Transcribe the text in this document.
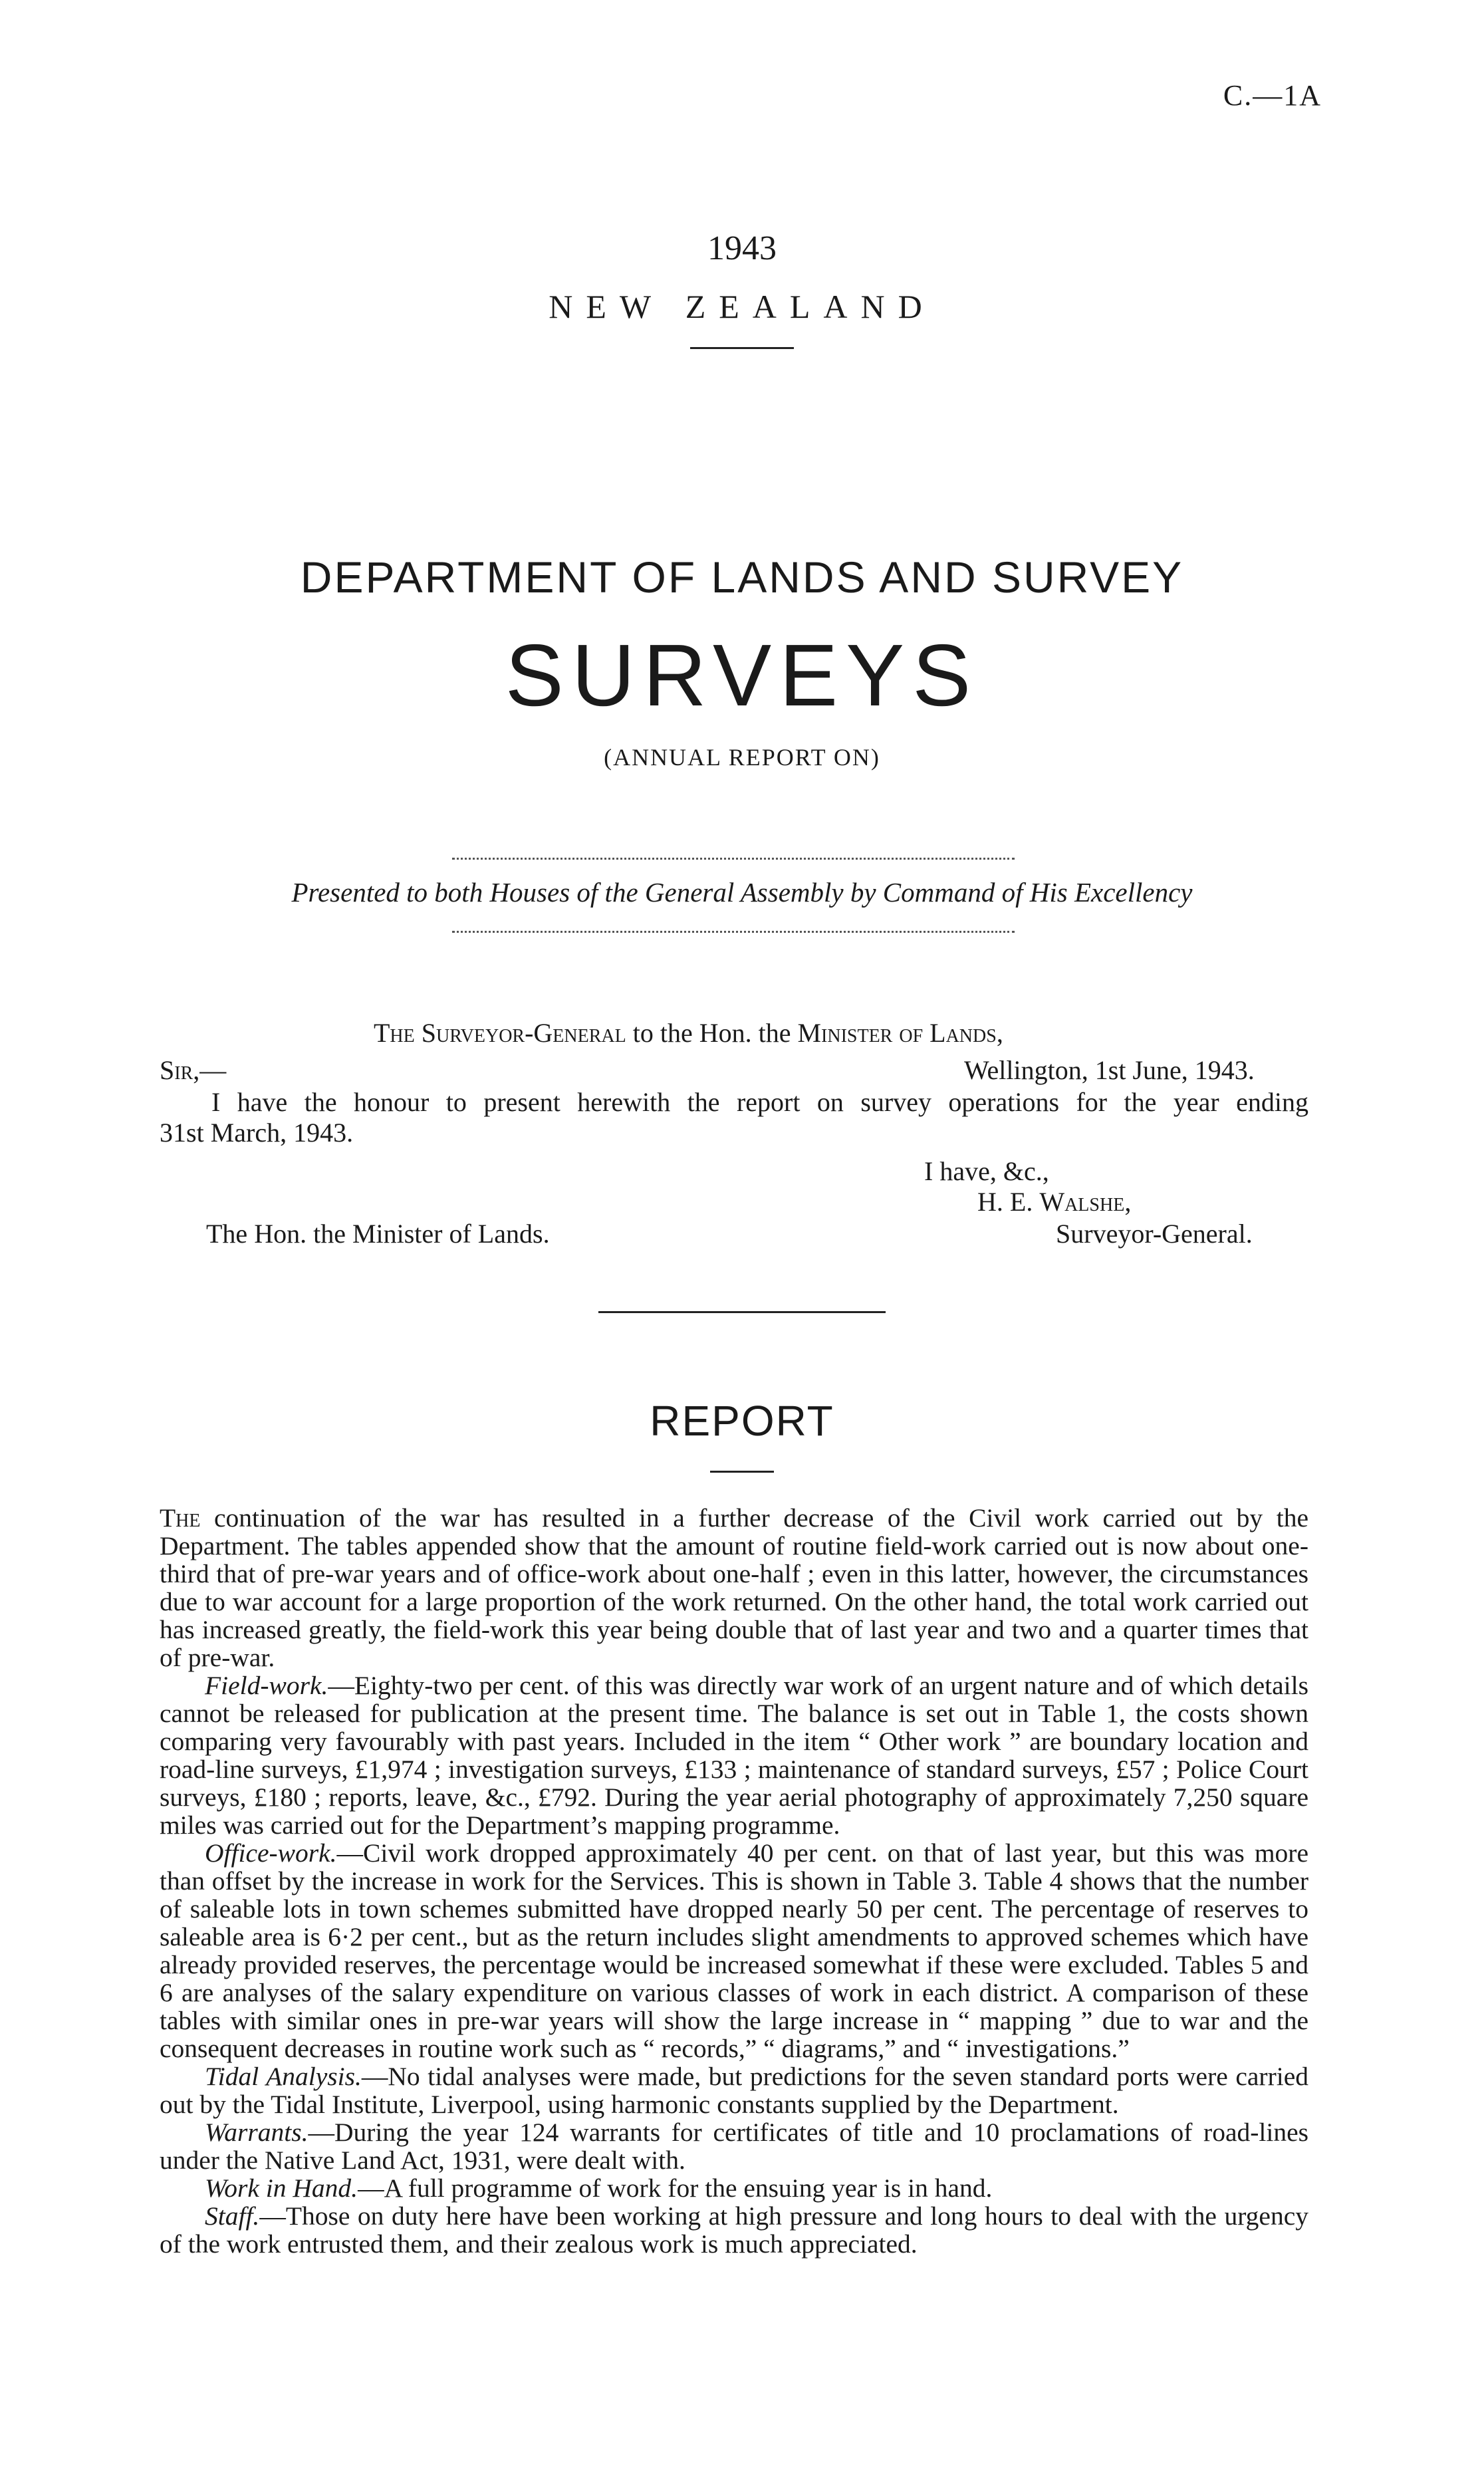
C.—1A
1943
NEW ZEALAND
DEPARTMENT OF LANDS AND SURVEY
SURVEYS
(ANNUAL REPORT ON)
Presented to both Houses of the General Assembly by Command of His Excellency
The Surveyor-General to the Hon. the Minister of Lands,
Sir,—	Wellington, 1st June, 1943.
I have the honour to present herewith the report on survey operations for the year ending
31st March, 1943.
I have, &c.,
H. E. Walshe,
The Hon. the Minister of Lands.	Surveyor-General.
REPORT

The continuation of the war has resulted in a further decrease of the Civil work carried out by the Department. The tables appended show that the amount of routine field-work carried out is now about one-third that of pre-war years and of office-work about one-half ; even in this latter, however, the circumstances due to war account for a large proportion of the work returned. On the other hand, the total work carried out has increased greatly, the field-work this year being double that of last year and two and a quarter times that of pre-war.

Field-work.—Eighty-two per cent. of this was directly war work of an urgent nature and of which details cannot be released for publication at the present time. The balance is set out in Table 1, the costs shown comparing very favourably with past years. Included in the item “ Other work ” are boundary location and road-line surveys, £1,974 ; investigation surveys, £133 ; maintenance of standard surveys, £57 ; Police Court surveys, £180 ; reports, leave, &c., £792. During the year aerial photography of approximately 7,250 square miles was carried out for the Department’s mapping programme.

Office-work.—Civil work dropped approximately 40 per cent. on that of last year, but this was more than offset by the increase in work for the Services. This is shown in Table 3. Table 4 shows that the number of saleable lots in town schemes submitted have dropped nearly 50 per cent. The percentage of reserves to saleable area is 6·2 per cent., but as the return includes slight amendments to approved schemes which have already provided reserves, the percentage would be increased somewhat if these were excluded. Tables 5 and 6 are analyses of the salary expenditure on various classes of work in each district. A comparison of these tables with similar ones in pre-war years will show the large increase in “ mapping ” due to war and the consequent decreases in routine work such as “ records,” “ diagrams,” and “ investigations.”

Tidal Analysis.—No tidal analyses were made, but predictions for the seven standard ports were carried out by the Tidal Institute, Liverpool, using harmonic constants supplied by the Department.

Warrants.—During the year 124 warrants for certificates of title and 10 proclamations of road-lines under the Native Land Act, 1931, were dealt with.

Work in Hand.—A full programme of work for the ensuing year is in hand.

Staff.—Those on duty here have been working at high pressure and long hours to deal with the urgency of the work entrusted them, and their zealous work is much appreciated.
